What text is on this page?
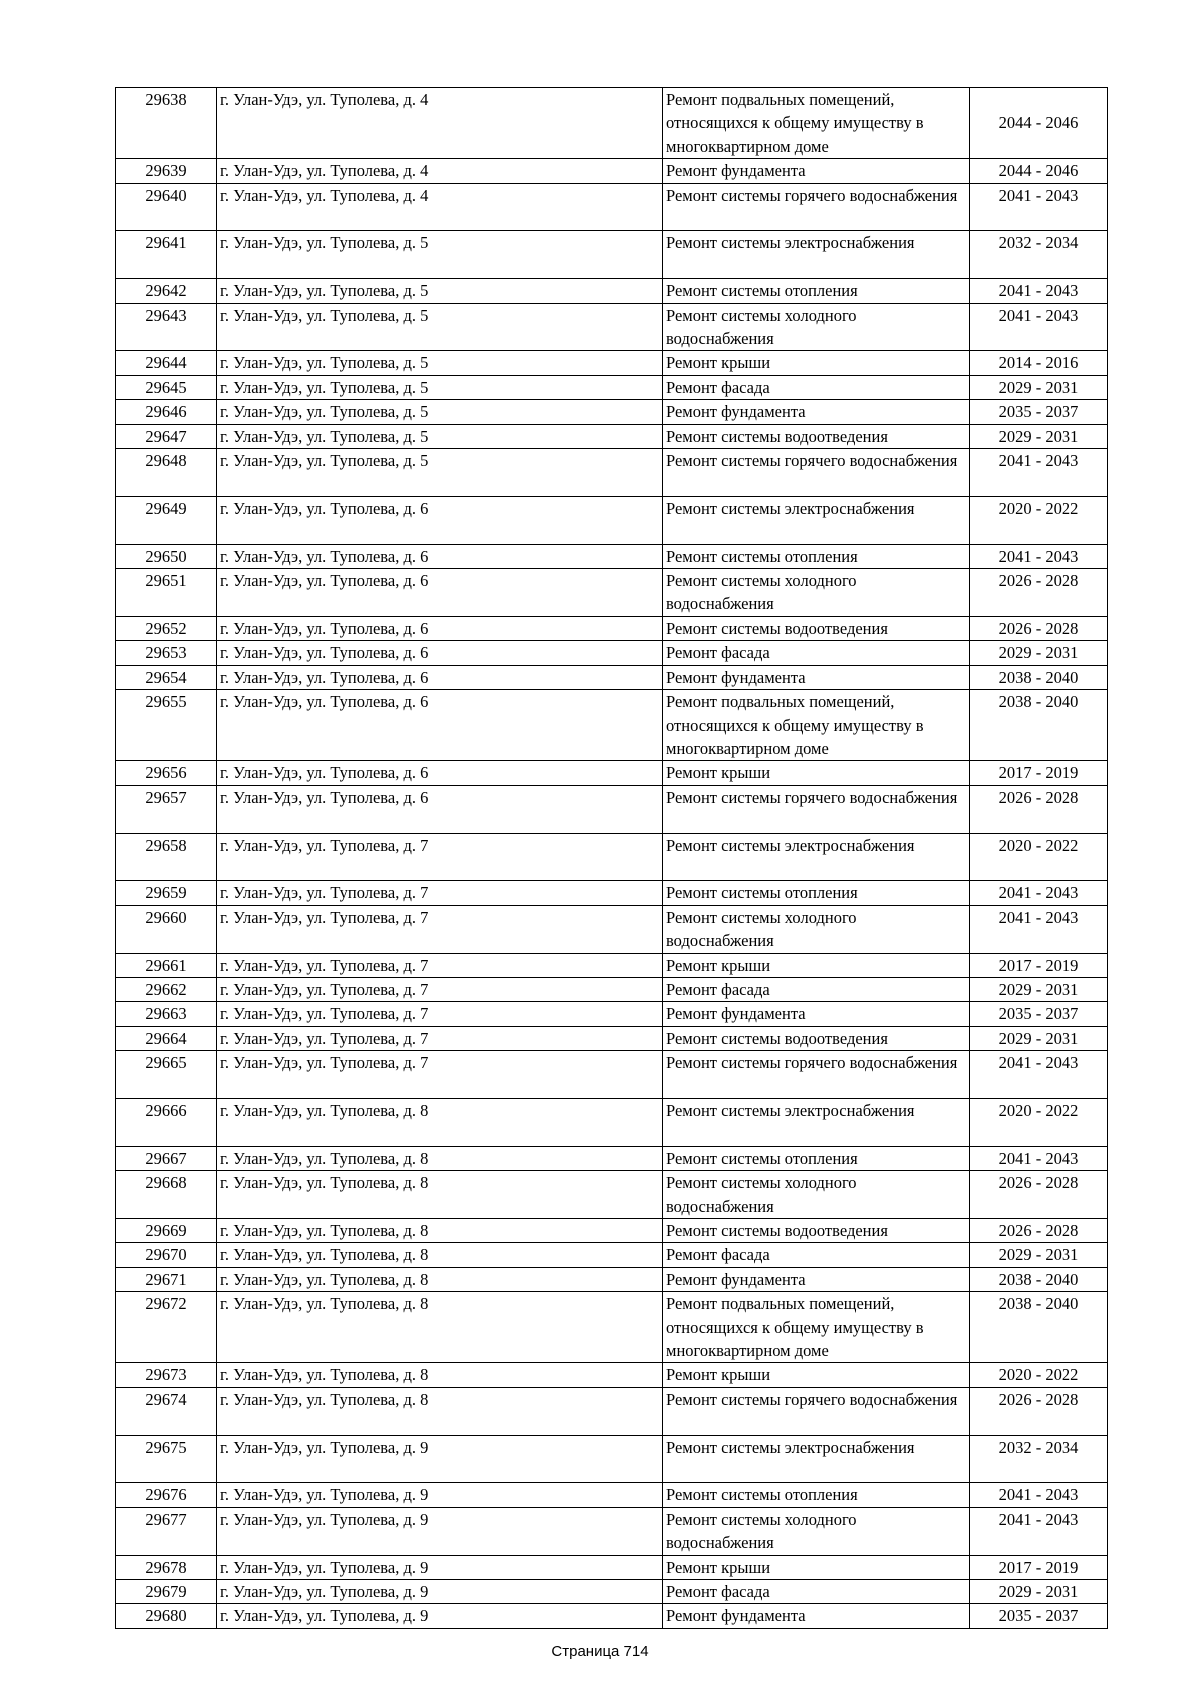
29638	г. Улан-Удэ, ул. Туполева, д. 4	Ремонт подвальных помещений, относящихся к общему имуществу в многоквартирном доме	2044 - 2046
29639	г. Улан-Удэ, ул. Туполева, д. 4	Ремонт фундамента	2044 - 2046
29640	г. Улан-Удэ, ул. Туполева, д. 4	Ремонт системы горячего водоснабжения	2041 - 2043
29641	г. Улан-Удэ, ул. Туполева, д. 5	Ремонт системы электроснабжения	2032 - 2034
29642	г. Улан-Удэ, ул. Туполева, д. 5	Ремонт системы отопления	2041 - 2043
29643	г. Улан-Удэ, ул. Туполева, д. 5	Ремонт системы холодного водоснабжения	2041 - 2043
29644	г. Улан-Удэ, ул. Туполева, д. 5	Ремонт крыши	2014 - 2016
29645	г. Улан-Удэ, ул. Туполева, д. 5	Ремонт фасада	2029 - 2031
29646	г. Улан-Удэ, ул. Туполева, д. 5	Ремонт фундамента	2035 - 2037
29647	г. Улан-Удэ, ул. Туполева, д. 5	Ремонт системы водоотведения	2029 - 2031
29648	г. Улан-Удэ, ул. Туполева, д. 5	Ремонт системы горячего водоснабжения	2041 - 2043
29649	г. Улан-Удэ, ул. Туполева, д. 6	Ремонт системы электроснабжения	2020 - 2022
29650	г. Улан-Удэ, ул. Туполева, д. 6	Ремонт системы отопления	2041 - 2043
29651	г. Улан-Удэ, ул. Туполева, д. 6	Ремонт системы холодного водоснабжения	2026 - 2028
29652	г. Улан-Удэ, ул. Туполева, д. 6	Ремонт системы водоотведения	2026 - 2028
29653	г. Улан-Удэ, ул. Туполева, д. 6	Ремонт фасада	2029 - 2031
29654	г. Улан-Удэ, ул. Туполева, д. 6	Ремонт фундамента	2038 - 2040
29655	г. Улан-Удэ, ул. Туполева, д. 6	Ремонт подвальных помещений, относящихся к общему имуществу в многоквартирном доме	2038 - 2040
29656	г. Улан-Удэ, ул. Туполева, д. 6	Ремонт крыши	2017 - 2019
29657	г. Улан-Удэ, ул. Туполева, д. 6	Ремонт системы горячего водоснабжения	2026 - 2028
29658	г. Улан-Удэ, ул. Туполева, д. 7	Ремонт системы электроснабжения	2020 - 2022
29659	г. Улан-Удэ, ул. Туполева, д. 7	Ремонт системы отопления	2041 - 2043
29660	г. Улан-Удэ, ул. Туполева, д. 7	Ремонт системы холодного водоснабжения	2041 - 2043
29661	г. Улан-Удэ, ул. Туполева, д. 7	Ремонт крыши	2017 - 2019
29662	г. Улан-Удэ, ул. Туполева, д. 7	Ремонт фасада	2029 - 2031
29663	г. Улан-Удэ, ул. Туполева, д. 7	Ремонт фундамента	2035 - 2037
29664	г. Улан-Удэ, ул. Туполева, д. 7	Ремонт системы водоотведения	2029 - 2031
29665	г. Улан-Удэ, ул. Туполева, д. 7	Ремонт системы горячего водоснабжения	2041 - 2043
29666	г. Улан-Удэ, ул. Туполева, д. 8	Ремонт системы электроснабжения	2020 - 2022
29667	г. Улан-Удэ, ул. Туполева, д. 8	Ремонт системы отопления	2041 - 2043
29668	г. Улан-Удэ, ул. Туполева, д. 8	Ремонт системы холодного водоснабжения	2026 - 2028
29669	г. Улан-Удэ, ул. Туполева, д. 8	Ремонт системы водоотведения	2026 - 2028
29670	г. Улан-Удэ, ул. Туполева, д. 8	Ремонт фасада	2029 - 2031
29671	г. Улан-Удэ, ул. Туполева, д. 8	Ремонт фундамента	2038 - 2040
29672	г. Улан-Удэ, ул. Туполева, д. 8	Ремонт подвальных помещений, относящихся к общему имуществу в многоквартирном доме	2038 - 2040
29673	г. Улан-Удэ, ул. Туполева, д. 8	Ремонт крыши	2020 - 2022
29674	г. Улан-Удэ, ул. Туполева, д. 8	Ремонт системы горячего водоснабжения	2026 - 2028
29675	г. Улан-Удэ, ул. Туполева, д. 9	Ремонт системы электроснабжения	2032 - 2034
29676	г. Улан-Удэ, ул. Туполева, д. 9	Ремонт системы отопления	2041 - 2043
29677	г. Улан-Удэ, ул. Туполева, д. 9	Ремонт системы холодного водоснабжения	2041 - 2043
29678	г. Улан-Удэ, ул. Туполева, д. 9	Ремонт крыши	2017 - 2019
29679	г. Улан-Удэ, ул. Туполева, д. 9	Ремонт фасада	2029 - 2031
29680	г. Улан-Удэ, ул. Туполева, д. 9	Ремонт фундамента	2035 - 2037
Страница 714
